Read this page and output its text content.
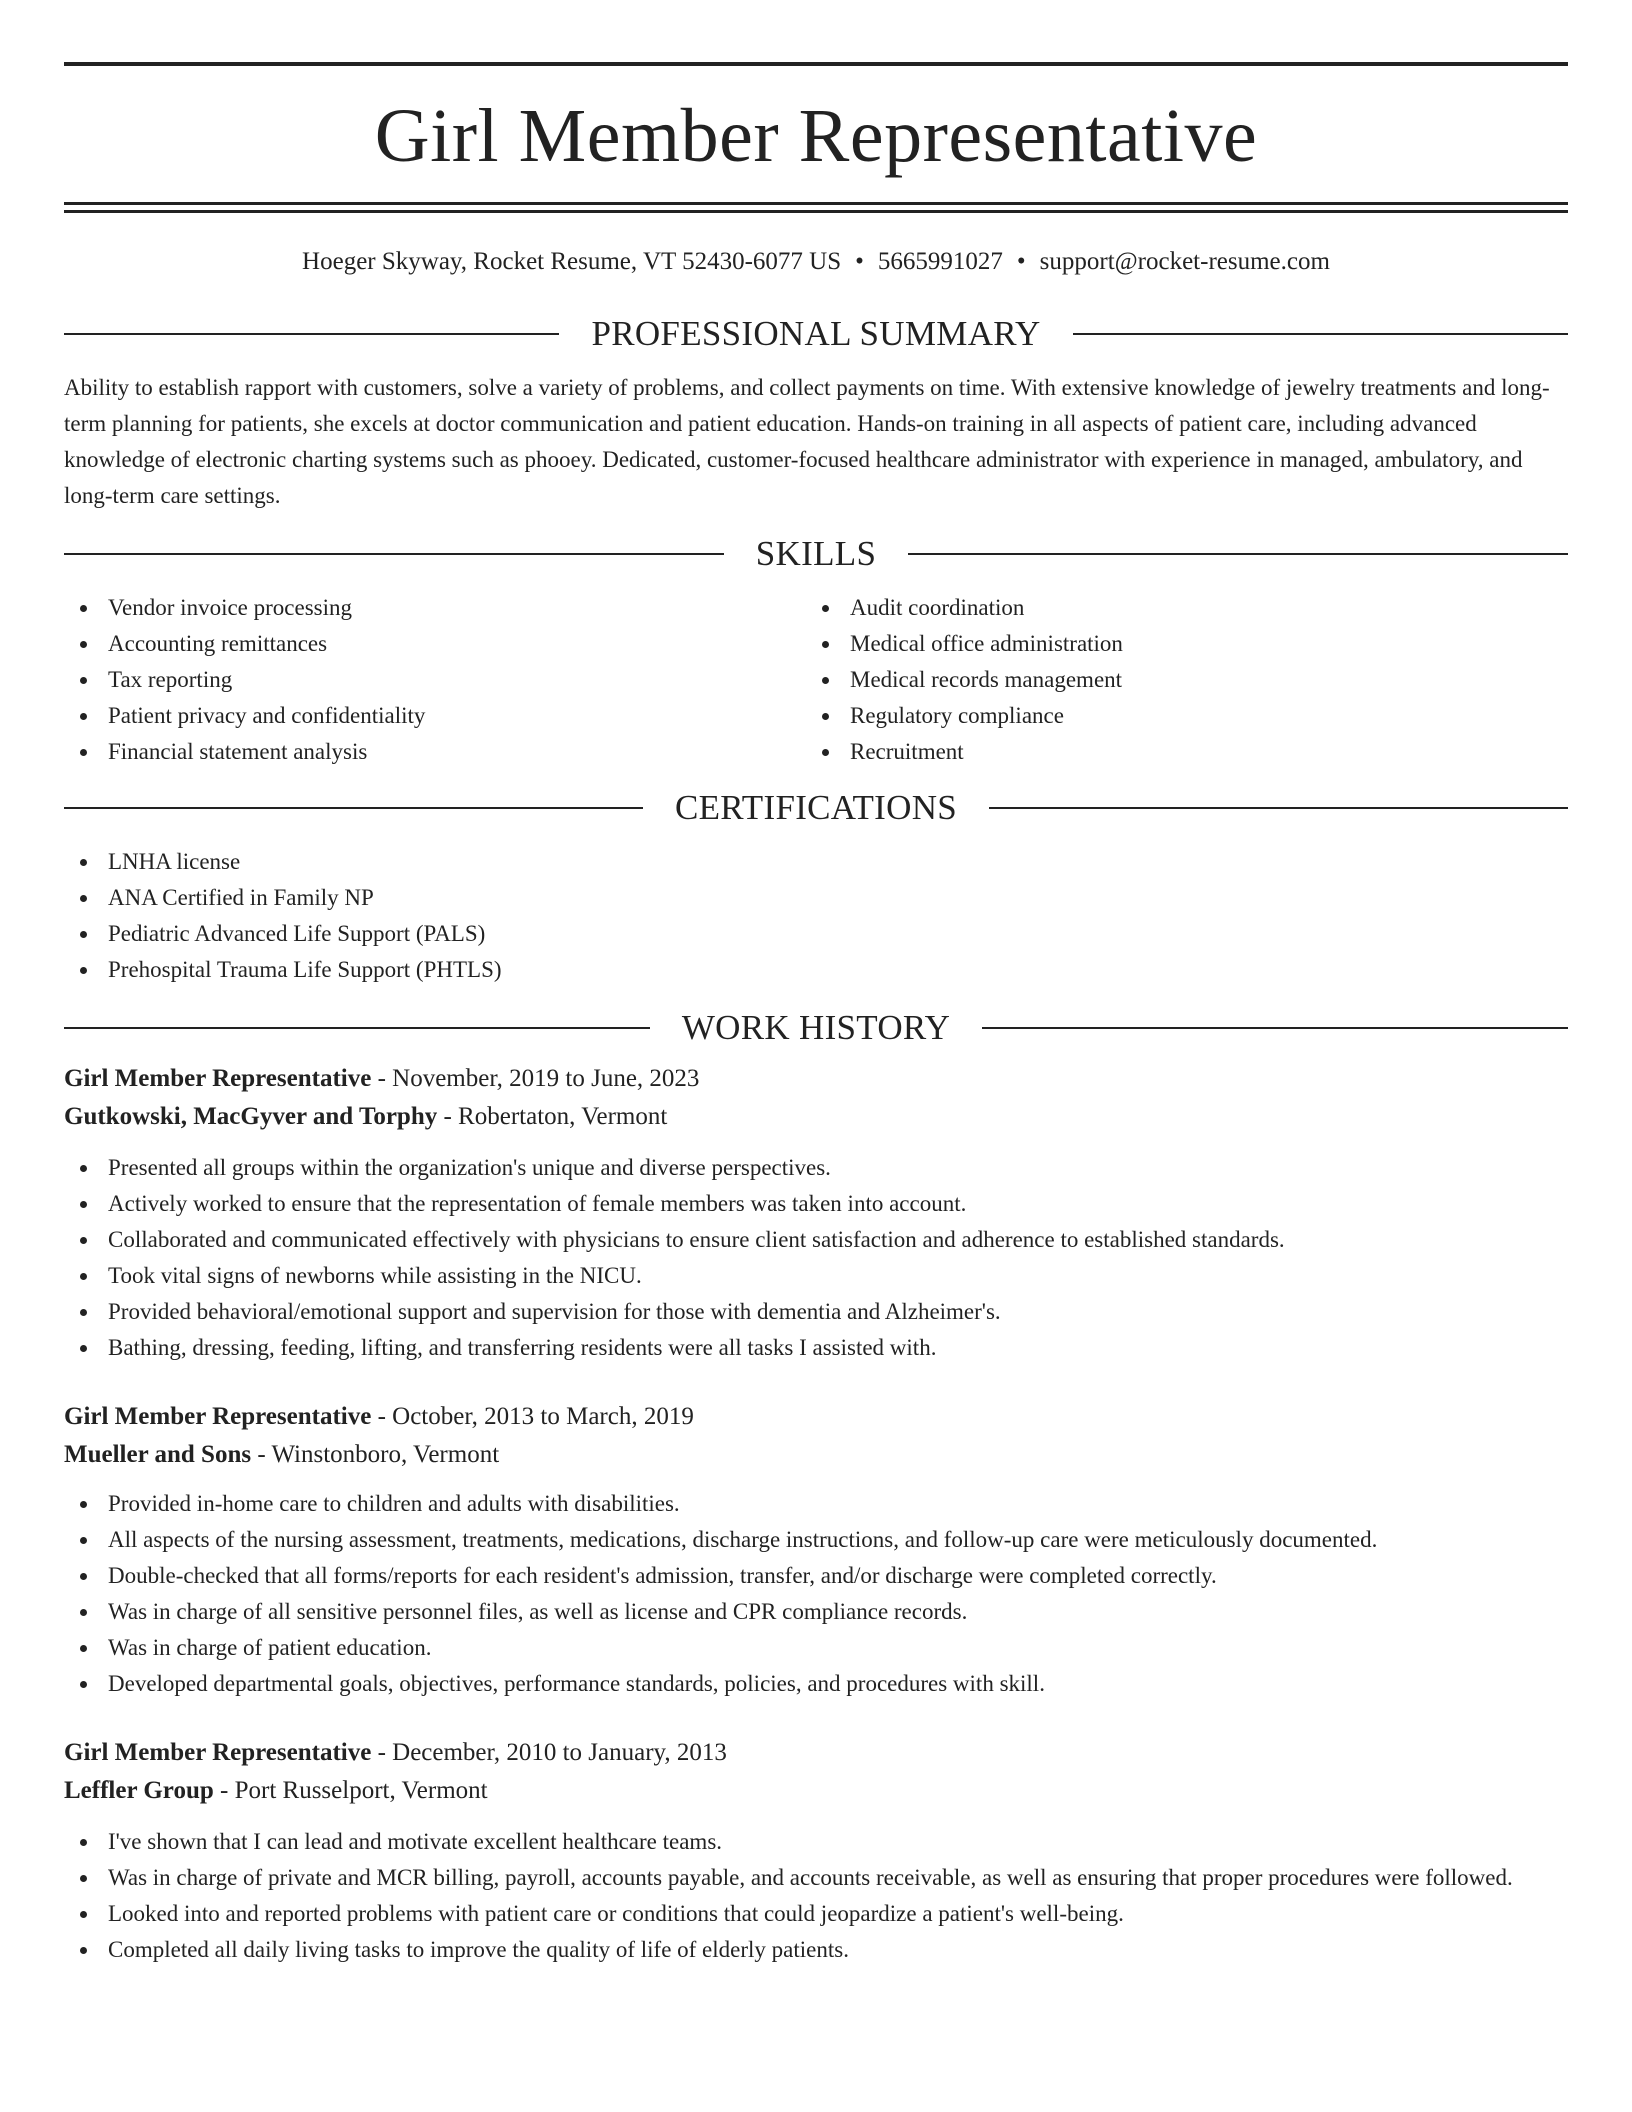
Girl Member Representative
Hoeger Skyway, Rocket Resume, VT 52430-6077 US • 5665991027 • support@rocket-resume.com
PROFESSIONAL SUMMARY

Ability to establish rapport with customers, solve a variety of problems, and collect payments on time. With extensive knowledge of jewelry treatments and long-term planning for patients, she excels at doctor communication and patient education. Hands-on training in all aspects of patient care, including advanced knowledge of electronic charting systems such as phooey. Dedicated, customer-focused healthcare administrator with experience in managed, ambulatory, and long-term care settings.

SKILLS
Vendor invoice processing
Accounting remittances
Tax reporting
Patient privacy and confidentiality
Financial statement analysis
Audit coordination
Medical office administration
Medical records management
Regulatory compliance
Recruitment
CERTIFICATIONS
LNHA license
ANA Certified in Family NP
Pediatric Advanced Life Support (PALS)
Prehospital Trauma Life Support (PHTLS)
WORK HISTORY
Girl Member Representative - November, 2019 to June, 2023
Gutkowski, MacGyver and Torphy - Robertaton, Vermont
Presented all groups within the organization's unique and diverse perspectives.
Actively worked to ensure that the representation of female members was taken into account.
Collaborated and communicated effectively with physicians to ensure client satisfaction and adherence to established standards.
Took vital signs of newborns while assisting in the NICU.
Provided behavioral/emotional support and supervision for those with dementia and Alzheimer's.
Bathing, dressing, feeding, lifting, and transferring residents were all tasks I assisted with.
Girl Member Representative - October, 2013 to March, 2019
Mueller and Sons - Winstonboro, Vermont
Provided in-home care to children and adults with disabilities.
All aspects of the nursing assessment, treatments, medications, discharge instructions, and follow-up care were meticulously documented.
Double-checked that all forms/reports for each resident's admission, transfer, and/or discharge were completed correctly.
Was in charge of all sensitive personnel files, as well as license and CPR compliance records.
Was in charge of patient education.
Developed departmental goals, objectives, performance standards, policies, and procedures with skill.
Girl Member Representative - December, 2010 to January, 2013
Leffler Group - Port Russelport, Vermont
I've shown that I can lead and motivate excellent healthcare teams.
Was in charge of private and MCR billing, payroll, accounts payable, and accounts receivable, as well as ensuring that proper procedures were followed.
Looked into and reported problems with patient care or conditions that could jeopardize a patient's well-being.
Completed all daily living tasks to improve the quality of life of elderly patients.
